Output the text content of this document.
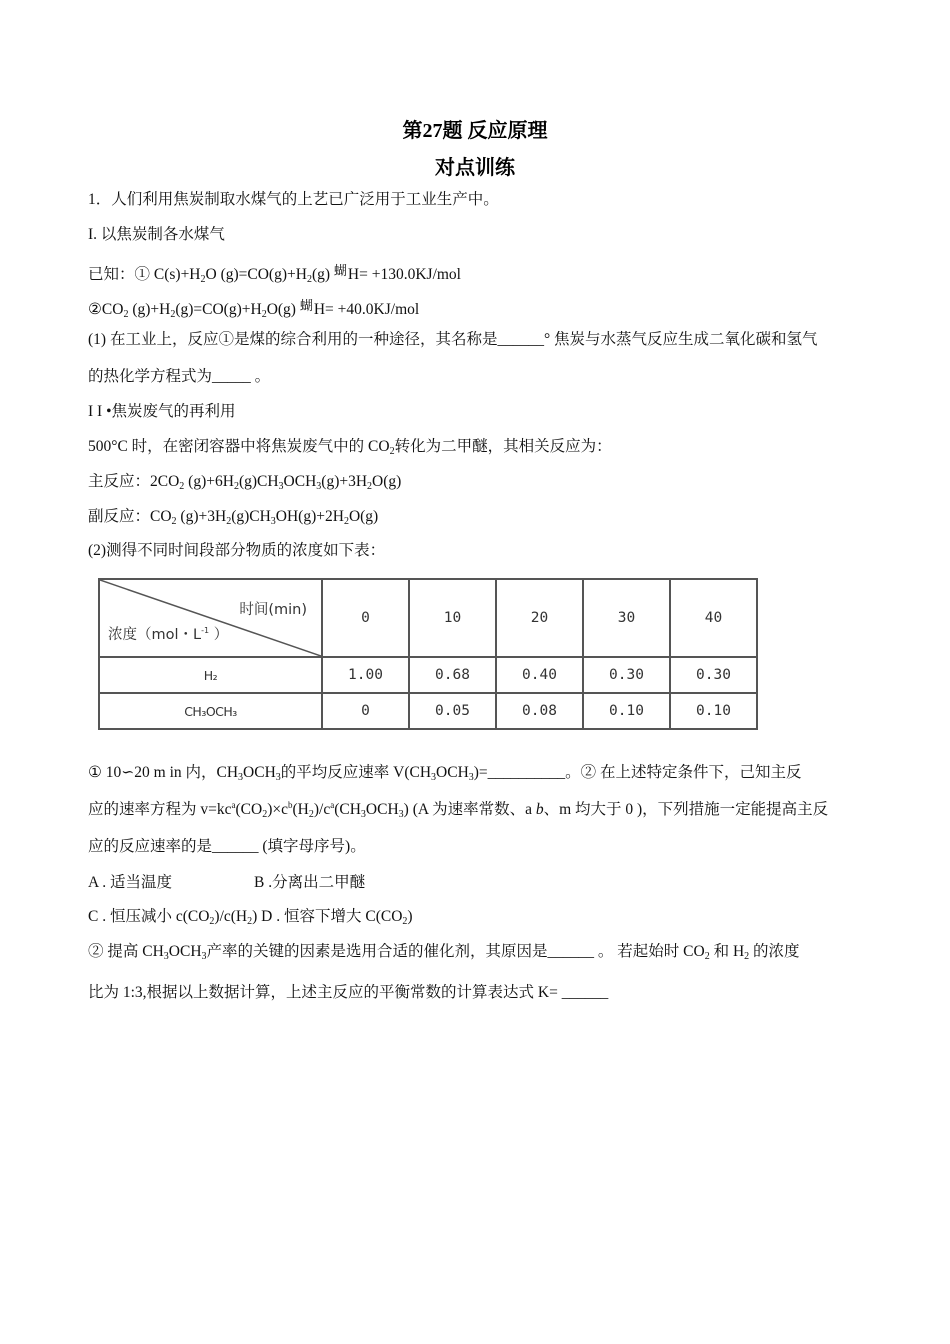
第27题 反应原理
对点训练
1．人们利用焦炭制取水煤气的上艺已广泛用于工业生产中。
I. 以焦炭制各水煤气
已知：① $C(s)+H_2O$ $(g)=CO(g)+H_2(g)$ $^蝴$H= +130.0KJ/mol
$②CO_2$ $(g)+H_2(g)=CO(g)+H_2O(g)$ $^蝴$H= +40.0KJ/mol
(1) 在工业上，反应①是煤的综合利用的一种途径，其名称是______° 焦炭与水蒸气反应生成二氧化碳和氢气
的热化学方程式为_____ 。
I I •焦炭废气的再利用
500°C 时，在密闭容器中将焦炭废气中的 $CO_2$转化为二甲醚，其相关反应为：
主反应：$2CO_2$ $(g)+6H_2(g)CH_3OCH_3(g)+3H_2O(g)$
副反应：$CO_2$ $(g)+3H_2(g)CH_3OH(g)+2H_2O(g)$
(2)测得不同时间段部分物质的浓度如下表：
时间(min)
浓度（mol・$L^{-1}$ ）	0	10	20	30	40
H₂	1.00	0.68	0.40	0.30	0.30
CH₃OCH₃	0	0.05	0.08	0.10	0.10
① 10∽20 m in 内，$CH_3OCH_3$的平均反应速率 $V(CH_3OCH_3)=\_\_\_\_\_\_\_\_\_\_$。② 在上述特定条件下，己知主反
应的速率方程为 $v=kc^a(CO_2)\times c^b(H_2)/c^a(CH_3OCH_3)$ (A 为速率常数、a b、m 均大于 0 )，下列措施一定能提高主反
应的反应速率的是______ (填字母序号)。
A . 适当温度	B .分离出二甲醚
C . 恒压减小 $c(CO_2)/c(H_2)$ D . 恒容下增大 $C(CO_2)$
② 提高 $CH_3OCH_3$产率的关键的因素是选用合适的催化剂，其原因是______ 。 若起始时 $CO_2$ 和 $H_2$ 的浓度
比为 1:3,根据以上数据计算，上述主反应的平衡常数的计算表达式 K= ______
